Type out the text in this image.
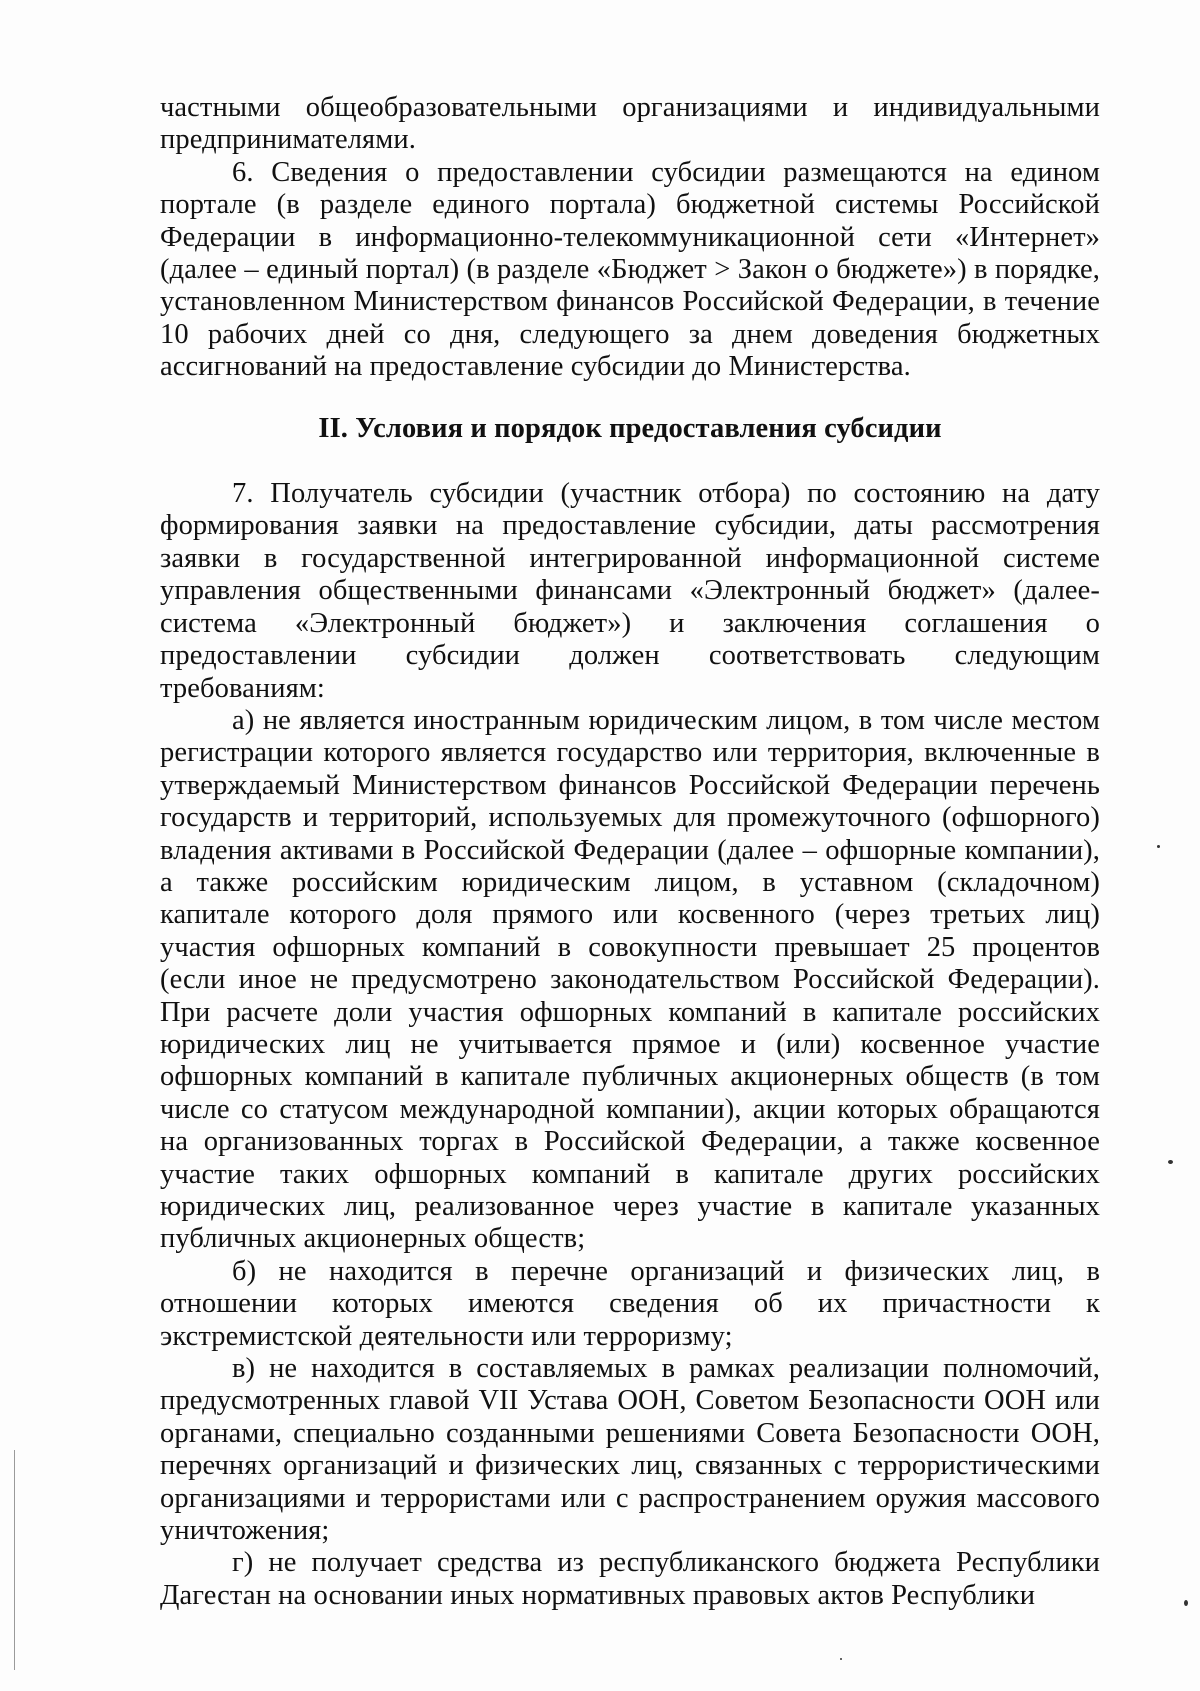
частными общеобразовательными организациями и индивидуальными предпринимателями.

6. Сведения о предоставлении субсидии размещаются на едином портале (в разделе единого портала) бюджетной системы Российской Федерации в информационно-телекоммуникационной сети «Интернет» (далее – единый портал) (в разделе «Бюджет > Закон о бюджете») в порядке, установленном Министерством финансов Российской Федерации, в течение 10 рабочих дней со дня, следующего за днем доведения бюджетных ассигнований на предоставление субсидии до Министерства.

II. Условия и порядок предоставления субсидии

7. Получатель субсидии (участник отбора) по состоянию на дату формирования заявки на предоставление субсидии, даты рассмотрения заявки в государственной интегрированной информационной системе управления общественными финансами «Электронный бюджет» (далее-система «Электронный бюджет») и заключения соглашения о предоставлении субсидии должен соответствовать следующим требованиям:

а) не является иностранным юридическим лицом, в том числе местом регистрации которого является государство или территория, включенные в утверждаемый Министерством финансов Российской Федерации перечень государств и территорий, используемых для промежуточного (офшорного) владения активами в Российской Федерации (далее – офшорные компании), а также российским юридическим лицом, в уставном (складочном) капитале которого доля прямого или косвенного (через третьих лиц) участия офшорных компаний в совокупности превышает 25 процентов (если иное не предусмотрено законодательством Российской Федерации). При расчете доли участия офшорных компаний в капитале российских юридических лиц не учитывается прямое и (или) косвенное участие офшорных компаний в капитале публичных акционерных обществ (в том числе со статусом международной компании), акции которых обращаются на организованных торгах в Российской Федерации, а также косвенное участие таких офшорных компаний в капитале других российских юридических лиц, реализованное через участие в капитале указанных публичных акционерных обществ;

б) не находится в перечне организаций и физических лиц, в отношении которых имеются сведения об их причастности к экстремистской деятельности или терроризму;

в) не находится в составляемых в рамках реализации полномочий, предусмотренных главой VII Устава ООН, Советом Безопасности ООН или органами, специально созданными решениями Совета Безопасности ООН, перечнях организаций и физических лиц, связанных с террористическими организациями и террористами или с распространением оружия массового уничтожения;

г) не получает средства из республиканского бюджета Республики Дагестан на основании иных нормативных правовых актов Республики
